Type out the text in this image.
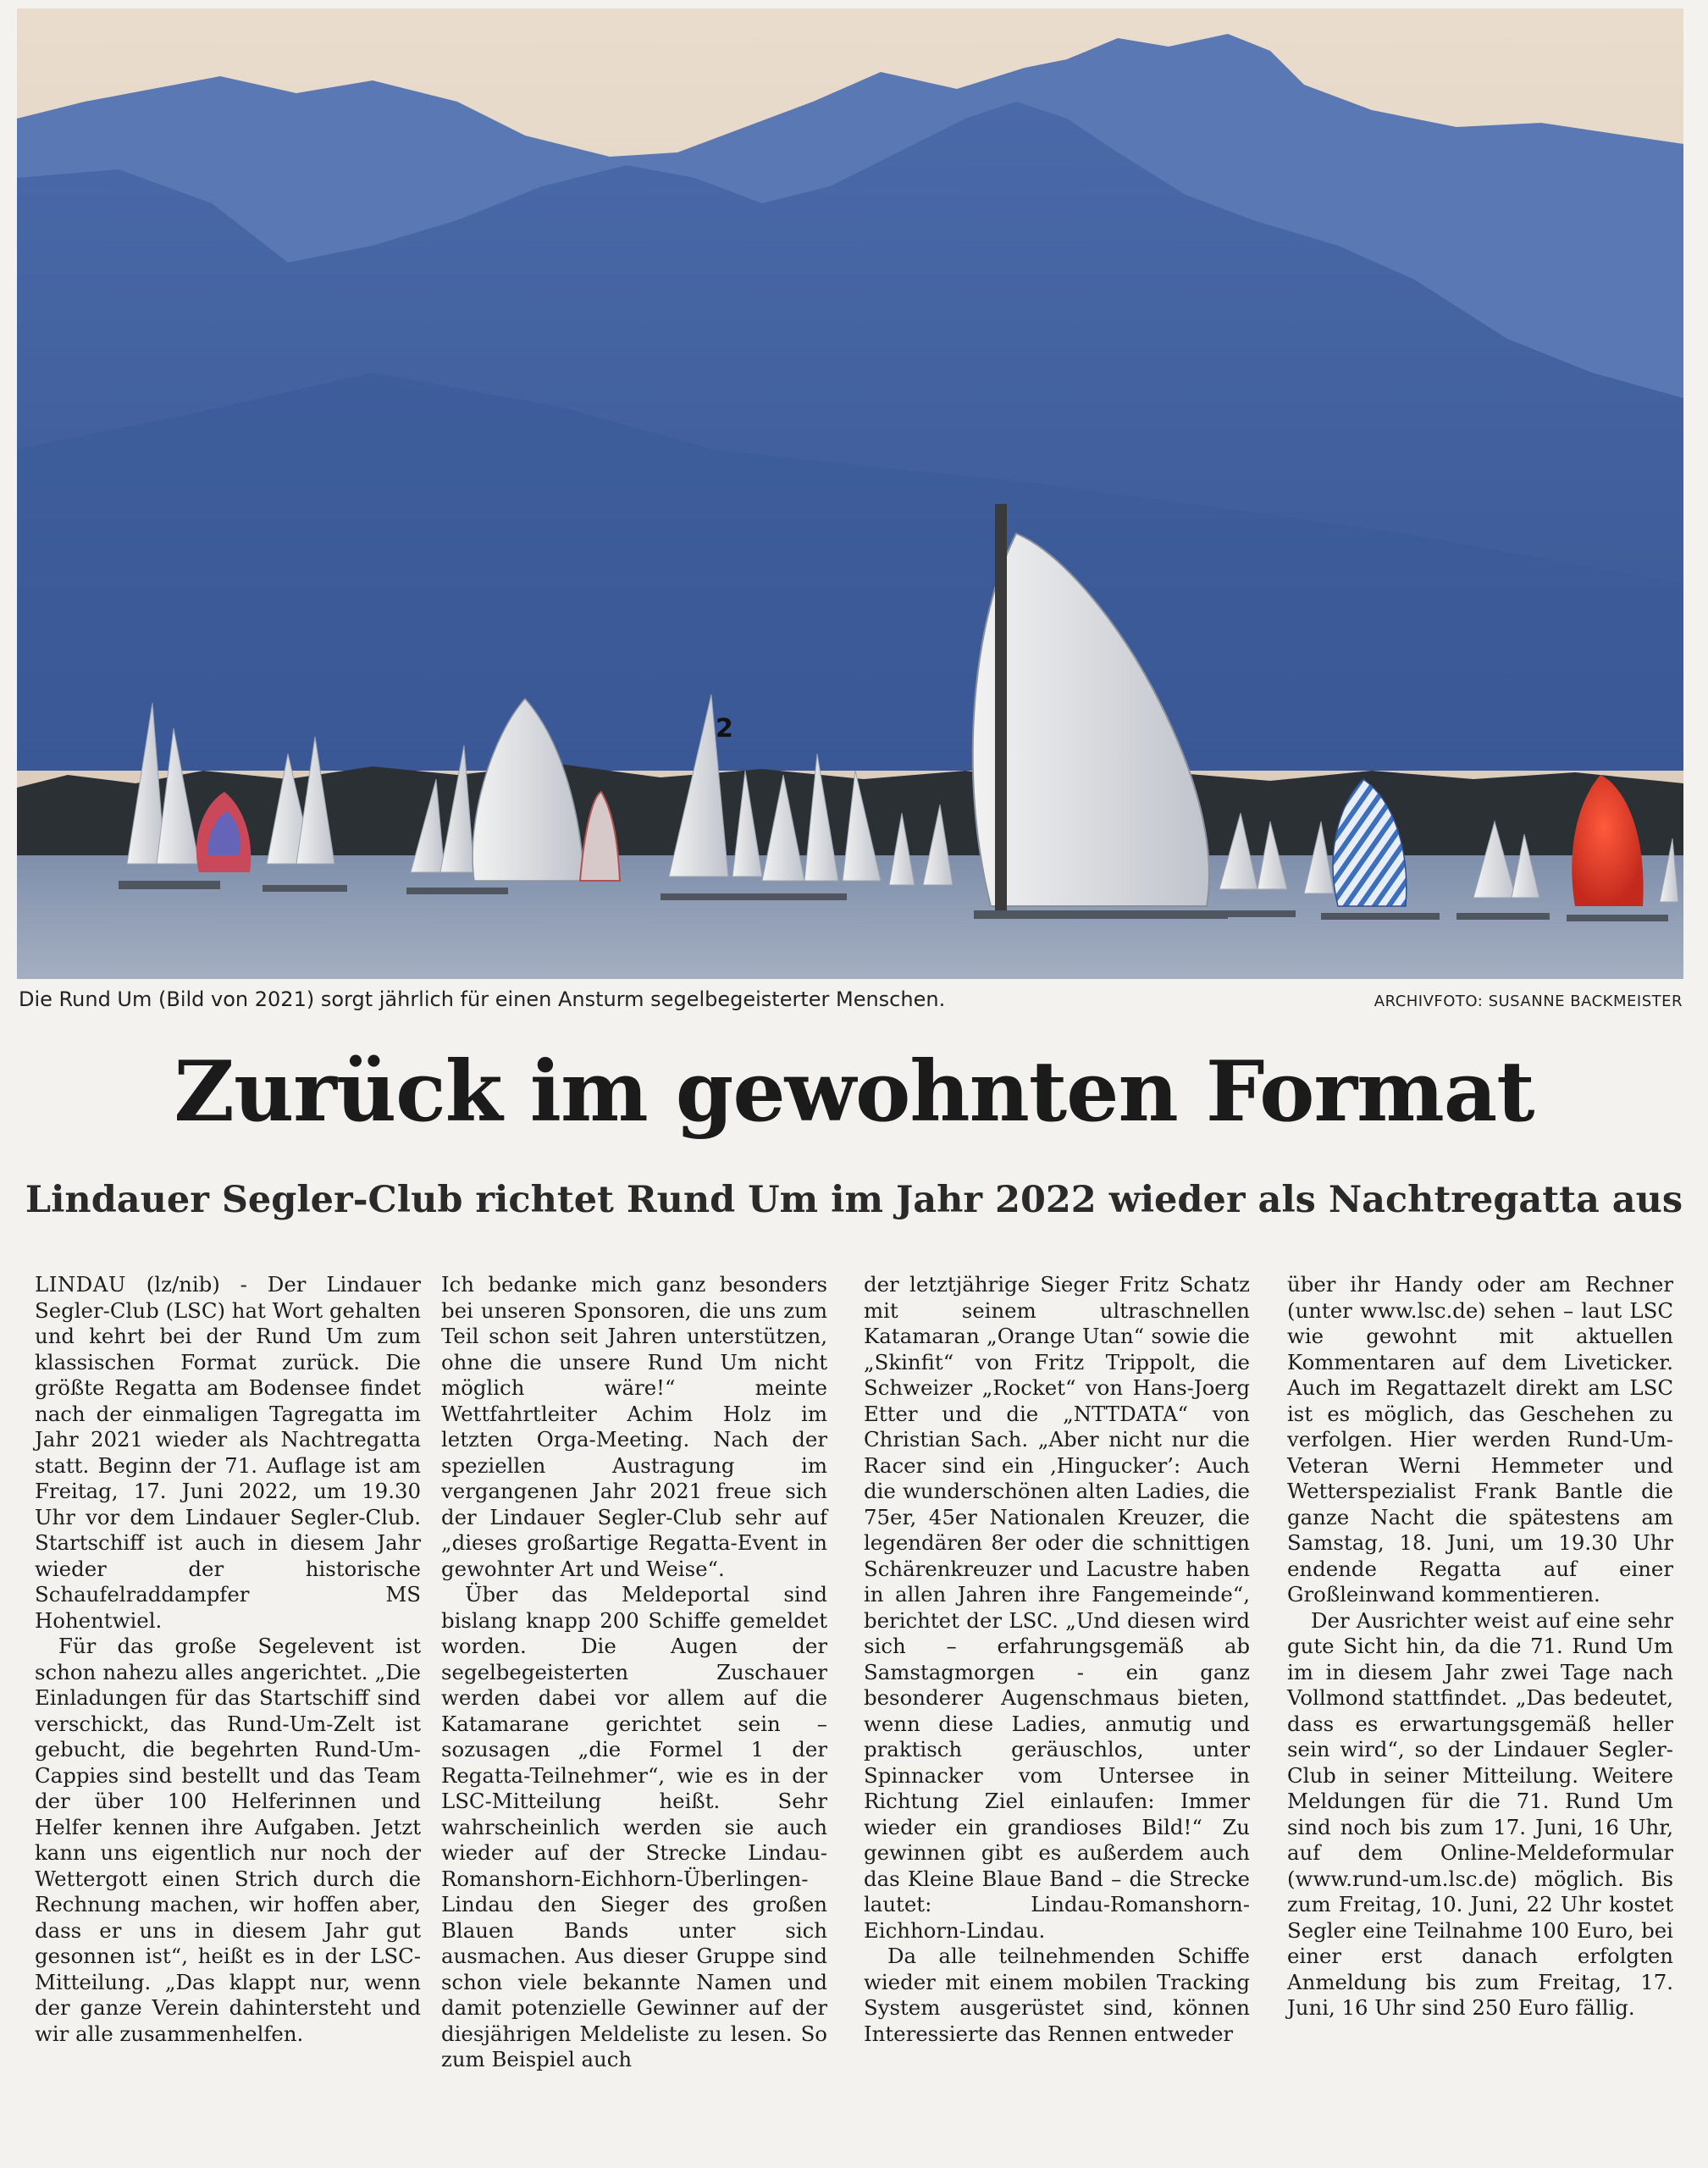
2
Die Rund Um (Bild von 2021) sorgt jährlich für einen Ansturm segelbegeisterter Menschen.	ARCHIVFOTO: SUSANNE BACKMEISTER
Zurück im gewohnten Format
Lindauer Segler-Club richtet Rund Um im Jahr 2022 wieder als Nachtregatta aus

LINDAU (lz/nib) - Der Lindauer Segler-Club (LSC) hat Wort gehalten und kehrt bei der Rund Um zum klassischen Format zurück. Die größte Regatta am Bodensee findet nach der einmaligen Tagregatta im Jahr 2021 wieder als Nachtregatta statt. Beginn der 71. Auflage ist am Freitag, 17. Juni 2022, um 19.30 Uhr vor dem Lindauer Segler-Club. Startschiff ist auch in diesem Jahr wieder der historische Schaufelraddampfer MS Hohentwiel.

Für das große Segelevent ist schon nahezu alles angerichtet. „Die Einladungen für das Startschiff sind verschickt, das Rund-Um-Zelt ist gebucht, die begehrten Rund-Um- Cappies sind bestellt und das Team der über 100 Helferinnen und Helfer kennen ihre Aufgaben. Jetzt kann uns eigentlich nur noch der Wettergott einen Strich durch die Rechnung machen, wir hoffen aber, dass er uns in diesem Jahr gut gesonnen ist“, heißt es in der LSC-Mitteilung. „Das klappt nur, wenn der ganze Verein dahintersteht und wir alle zusammenhelfen.

Ich bedanke mich ganz besonders bei unseren Sponsoren, die uns zum Teil schon seit Jahren unterstützen, ohne die unsere Rund Um nicht möglich wäre!“ meinte Wettfahrtleiter Achim Holz im letzten Orga-Meeting. Nach der speziellen Austragung im vergangenen Jahr 2021 freue sich der Lindauer Segler-Club sehr auf „dieses großartige Regatta-Event in gewohnter Art und Weise“.

Über das Meldeportal sind bislang knapp 200 Schiffe gemeldet worden. Die Augen der segelbegeisterten Zuschauer werden dabei vor allem auf die Katamarane gerichtet sein – sozusagen „die Formel 1 der Regatta-Teilnehmer“, wie es in der LSC-Mitteilung heißt. Sehr wahrscheinlich werden sie auch wieder auf der Strecke Lindau-Romanshorn-Eichhorn-Überlingen-Lindau den Sieger des großen Blauen Bands unter sich ausmachen. Aus dieser Gruppe sind schon viele bekannte Namen und damit potenzielle Gewinner auf der diesjährigen Meldeliste zu lesen. So zum Beispiel auch

der letztjährige Sieger Fritz Schatz mit seinem ultraschnellen Katamaran „Orange Utan“ sowie die „Skinfit“ von Fritz Trippolt, die Schweizer „Rocket“ von Hans-Joerg Etter und die „NTTDATA“ von Christian Sach. „Aber nicht nur die Racer sind ein ‚Hingucker’: Auch die wunderschönen alten Ladies, die 75er, 45er Nationalen Kreuzer, die legendären 8er oder die schnittigen Schärenkreuzer und Lacustre haben in allen Jahren ihre Fangemeinde“, berichtet der LSC. „Und diesen wird sich – erfahrungsgemäß ab Samstagmorgen - ein ganz besonderer Augenschmaus bieten, wenn diese Ladies, anmutig und praktisch geräuschlos, unter Spinnacker vom Untersee in Richtung Ziel einlaufen: Immer wieder ein grandioses Bild!“ Zu gewinnen gibt es außerdem auch das Kleine Blaue Band – die Strecke lautet: Lindau-Romanshorn-Eichhorn-Lindau.

Da alle teilnehmenden Schiffe wieder mit einem mobilen Tracking System ausgerüstet sind, können Interessierte das Rennen entweder

über ihr Handy oder am Rechner (unter www.lsc.de) sehen – laut LSC wie gewohnt mit aktuellen Kommentaren auf dem Liveticker. Auch im Regattazelt direkt am LSC ist es möglich, das Geschehen zu verfolgen. Hier werden Rund-Um-Veteran Werni Hemmeter und Wetterspezialist Frank Bantle die ganze Nacht die spätestens am Samstag, 18. Juni, um 19.30 Uhr endende Regatta auf einer Großleinwand kommentieren.

Der Ausrichter weist auf eine sehr gute Sicht hin, da die 71. Rund Um im in diesem Jahr zwei Tage nach Vollmond stattfindet. „Das bedeutet, dass es erwartungsgemäß heller sein wird“, so der Lindauer Segler-Club in seiner Mitteilung. Weitere Meldungen für die 71. Rund Um sind noch bis zum 17. Juni, 16 Uhr, auf dem Online-Meldeformular (www.rund-um.lsc.de) möglich. Bis zum Freitag, 10. Juni, 22 Uhr kostet Segler eine Teilnahme 100 Euro, bei einer erst danach erfolgten Anmeldung bis zum Freitag, 17. Juni, 16 Uhr sind 250 Euro fällig.
